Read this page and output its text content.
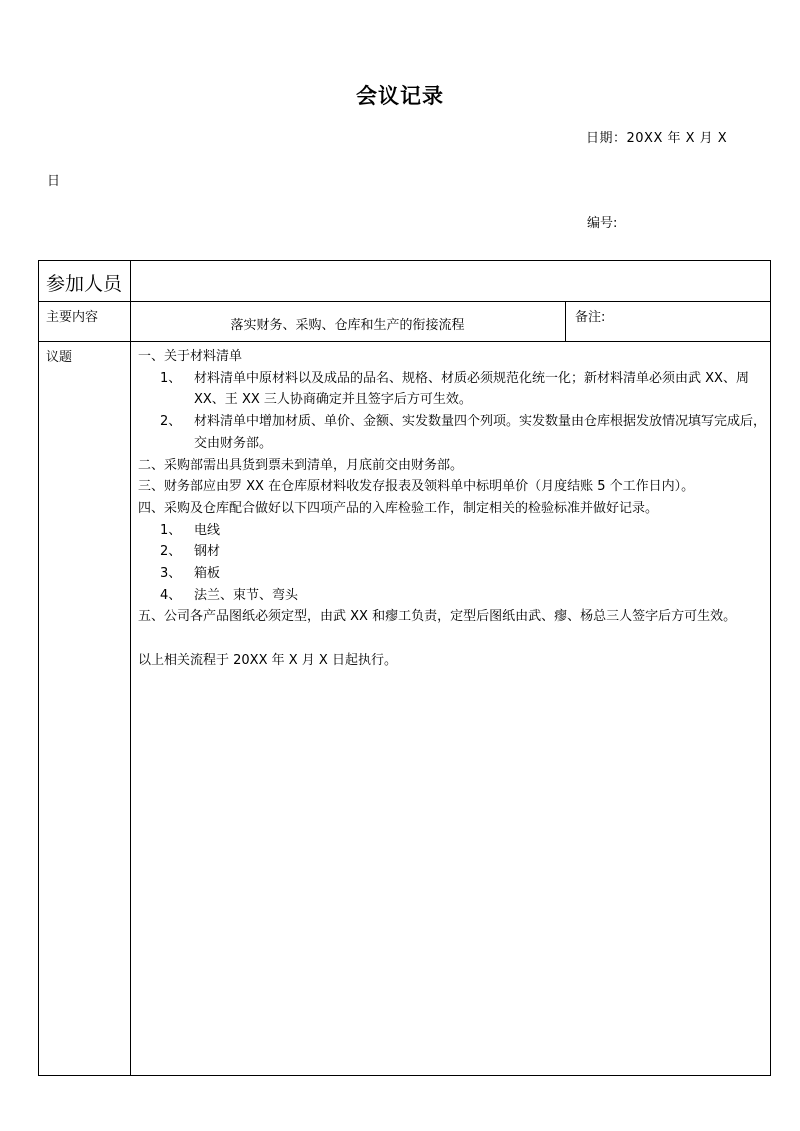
会议记录
日期：20XX 年 X 月 X
日
编号:
参加人员
主要内容
落实财务、采购、仓库和生产的衔接流程
备注:
议题	一、关于材料清单

1、 材料清单中原材料以及成品的品名、规格、材质必须规范化统一化；新材料清单必须由武 XX、周 XX、王 XX 三人协商确定并且签字后方可生效。
2、 材料清单中增加材质、单价、金额、实发数量四个列项。实发数量由仓库根据发放情况填写完成后，交由财务部。

二、采购部需出具货到票未到清单，月底前交由财务部。

三、财务部应由罗 XX 在仓库原材料收发存报表及领料单中标明单价（月度结账 5 个工作日内）。

四、采购及仓库配合做好以下四项产品的入库检验工作，制定相关的检验标准并做好记录。

1、 电线
2、 钢材
3、 箱板
4、 法兰、束节、弯头

五、公司各产品图纸必须定型，由武 XX 和瘳工负责，定型后图纸由武、瘳、杨总三人签字后方可生效。

以上相关流程于 20XX 年 X 月 X 日起执行。
